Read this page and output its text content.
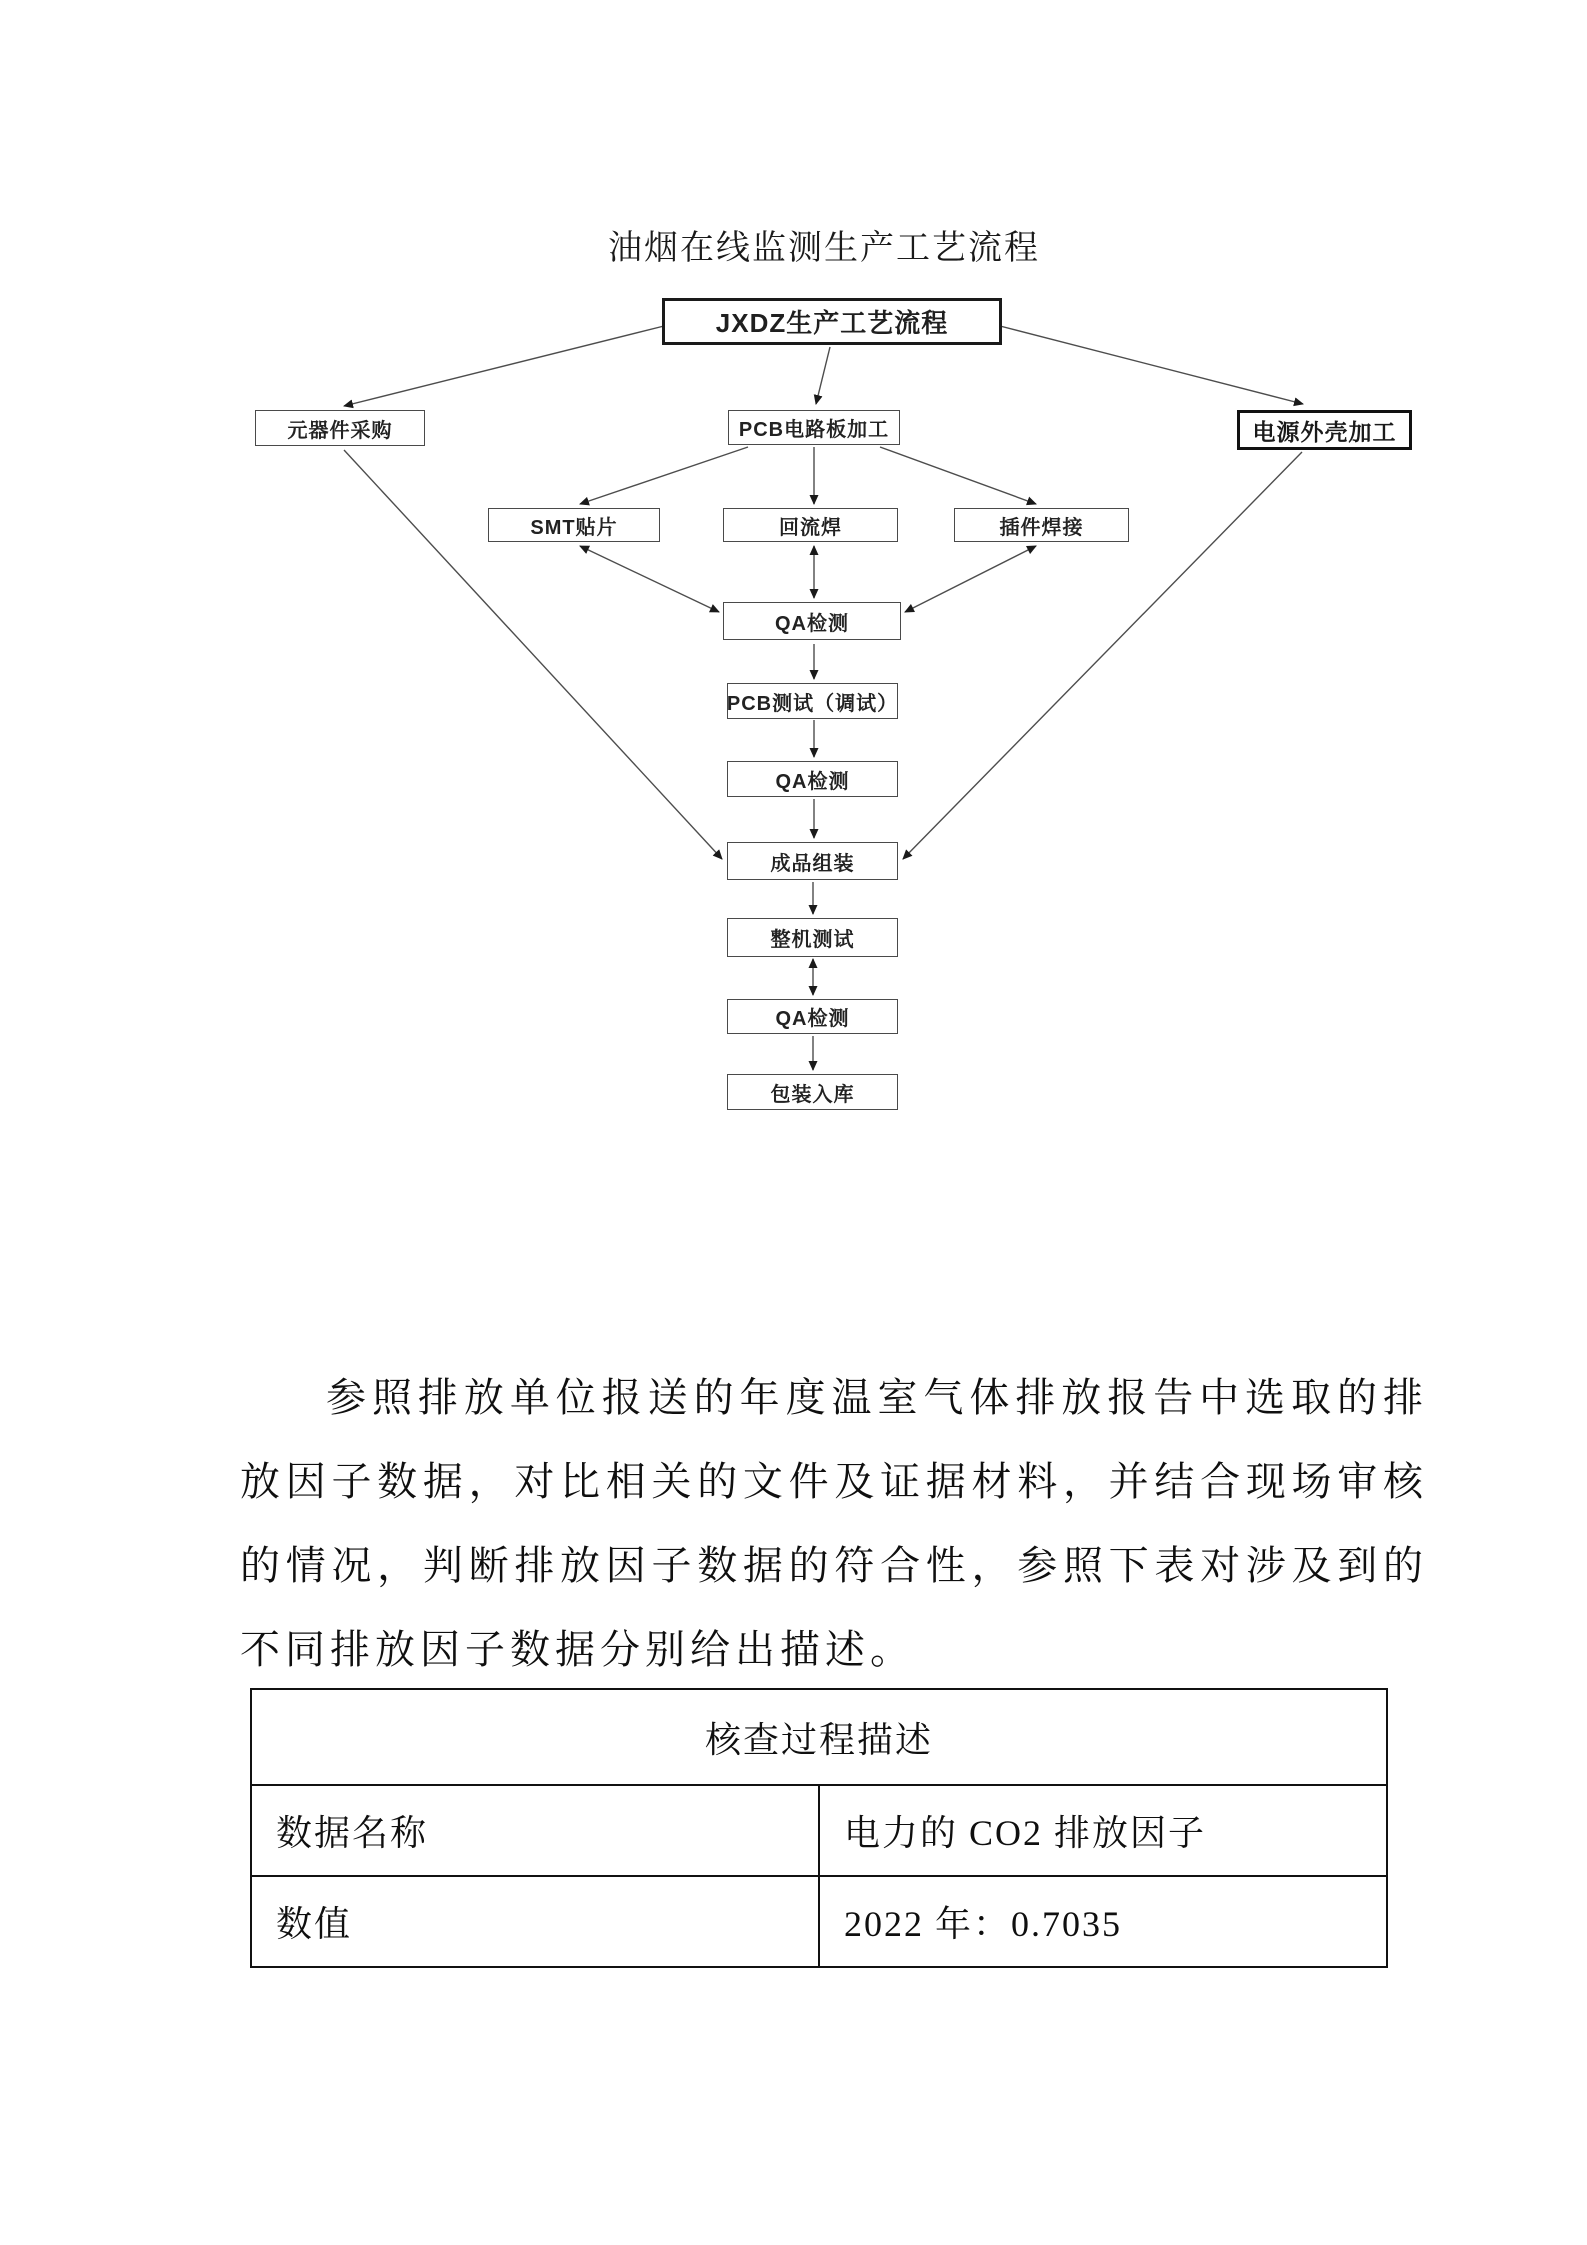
油烟在线监测生产工艺流程
JXDZ生产工艺流程
元器件采购	PCB电路板加工	电源外壳加工
SMT贴片	回流焊	插件焊接
QA检测
PCB测试（调试）
QA检测
成品组装
整机测试
QA检测
包装入库
参照排放单位报送的年度温室气体排放报告中选取的排放因子数据，对比相关的文件及证据材料，并结合现场审核的情况，判断排放因子数据的符合性，参照下表对涉及到的不同排放因子数据分别给出描述。
核查过程描述	
数据名称	电力的 CO2 排放因子
数值	2022 年：0.7035
